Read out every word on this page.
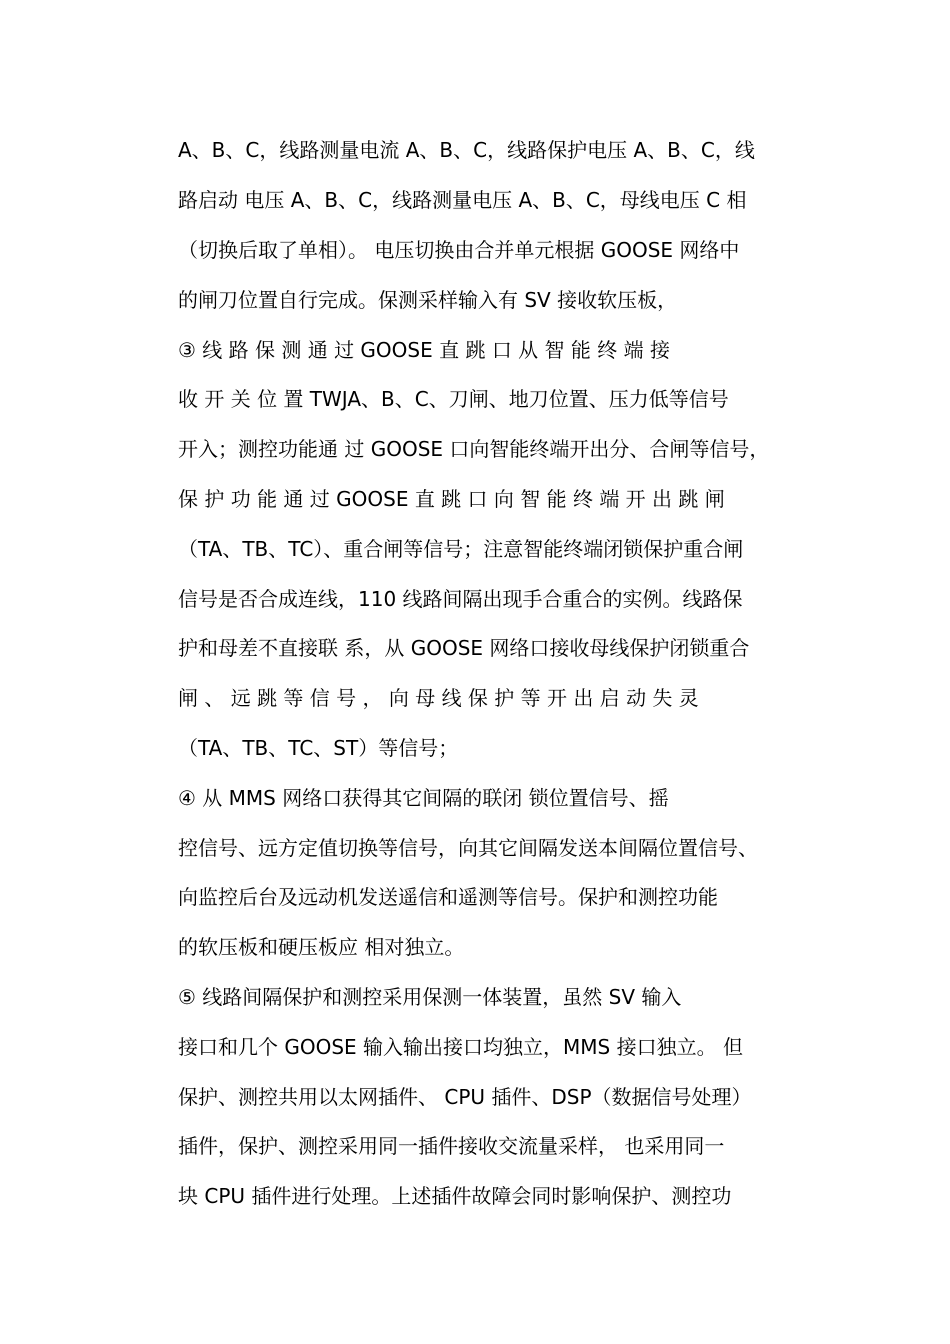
A、B、C，线路测量电流 A、B、C，线路保护电压 A、B、C，线
路启动 电压 A、B、C，线路测量电压 A、B、C，母线电压 C 相
（切换后取了单相）。 电压切换由合并单元根据 GOOSE 网络中
的闸刀位置自行完成。保测采样输入有 SV 接收软压板，
③ 线 路 保 测 通 过 GOOSE 直 跳 口 从 智 能 终 端 接
收 开 关 位 置 TWJA、B、C、刀闸、地刀位置、压力低等信号
开入；测控功能通 过 GOOSE 口向智能终端开出分、合闸等信号，
保 护 功 能 通 过 GOOSE 直 跳 口 向 智 能 终 端 开 出 跳 闸
（TA、TB、TC）、重合闸等信号；注意智能终端闭锁保护重合闸
信号是否合成连线，110 线路间隔出现手合重合的实例。线路保
护和母差不直接联 系，从 GOOSE 网络口接收母线保护闭锁重合
闸 、 远 跳 等 信 号 ， 向 母 线 保 护 等 开 出 启 动 失 灵
（TA、TB、TC、ST）等信号；
④ 从 MMS 网络口获得其它间隔的联闭 锁位置信号、摇
控信号、远方定值切换等信号，向其它间隔发送本间隔位置信号、
向监控后台及远动机发送遥信和遥测等信号。保护和测控功能
的软压板和硬压板应 相对独立。
⑤ 线路间隔保护和测控采用保测一体装置，虽然 SV 输入
接口和几个 GOOSE 输入输出接口均独立，MMS 接口独立。 但
保护、测控共用以太网插件、 CPU 插件、DSP（数据信号处理）
插件，保护、测控采用同一插件接收交流量采样， 也采用同一
块 CPU 插件进行处理。上述插件故障会同时影响保护、测控功
